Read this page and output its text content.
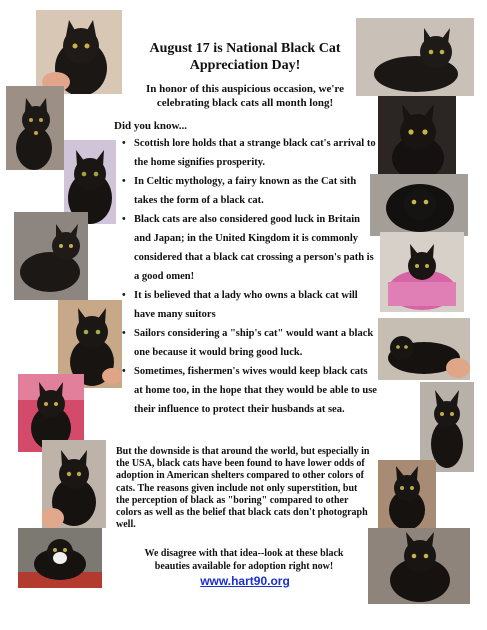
August 17 is National Black Cat Appreciation Day!
In honor of this auspicious occasion, we're celebrating black cats all month long!
Did you know...
• Scottish lore holds that a strange black cat's arrival to the home signifies prosperity.
• In Celtic mythology, a fairy known as the Cat sith takes the form of a black cat.
• Black cats are also considered good luck in Britain and Japan; in the United Kingdom it is commonly considered that a black cat crossing a person's path is a good omen!
• It is believed that a lady who owns a black cat will have many suitors
• Sailors considering a "ship's cat" would want a black one because it would bring good luck.
• Sometimes, fishermen's wives would keep black cats at home too, in the hope that they would be able to use their influence to protect their husbands at sea.
But the downside is that around the world, but especially in the USA, black cats have been found to have lower odds of adoption in American shelters compared to other colors of cats. The reasons given include not only superstition, but the perception of black as "boring" compared to other colors as well as the belief that black cats don't photograph well.
We disagree with that idea--look at these black beauties available for adoption right now!
www.hart90.org
